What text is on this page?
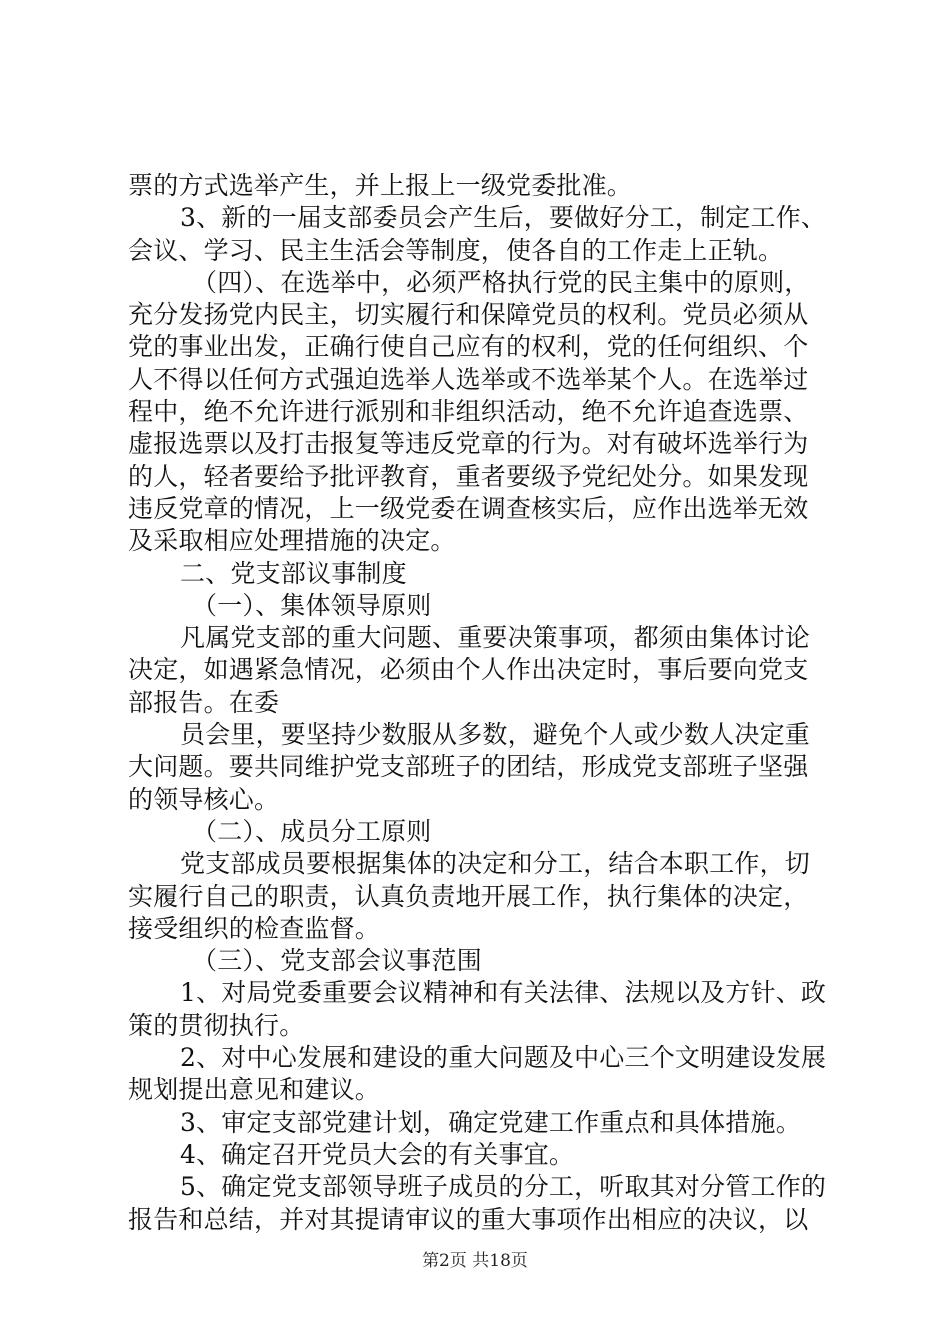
票的方式选举产生，并上报上一级党委批准。
3、新的一届支部委员会产生后，要做好分工，制定工作、
会议、学习、民主生活会等制度，使各自的工作走上正轨。
（四）、在选举中，必须严格执行党的民主集中的原则，
充分发扬党内民主，切实履行和保障党员的权利。党员必须从
党的事业出发，正确行使自己应有的权利，党的任何组织、个
人不得以任何方式强迫选举人选举或不选举某个人。在选举过
程中，绝不允许进行派别和非组织活动，绝不允许追查选票、
虚报选票以及打击报复等违反党章的行为。对有破坏选举行为
的人，轻者要给予批评教育，重者要级予党纪处分。如果发现
违反党章的情况，上一级党委在调查核实后，应作出选举无效
及采取相应处理措施的决定。
二、党支部议事制度
（一）、集体领导原则
凡属党支部的重大问题、重要决策事项，都须由集体讨论
决定，如遇紧急情况，必须由个人作出决定时，事后要向党支
部报告。在委
员会里，要坚持少数服从多数，避免个人或少数人决定重
大问题。要共同维护党支部班子的团结，形成党支部班子坚强
的领导核心。
（二）、成员分工原则
党支部成员要根据集体的决定和分工，结合本职工作，切
实履行自己的职责，认真负责地开展工作，执行集体的决定，
接受组织的检查监督。
（三）、党支部会议事范围
1、对局党委重要会议精神和有关法律、法规以及方针、政
策的贯彻执行。
2、对中心发展和建设的重大问题及中心三个文明建设发展
规划提出意见和建议。
3、审定支部党建计划，确定党建工作重点和具体措施。
4、确定召开党员大会的有关事宜。
5、确定党支部领导班子成员的分工，听取其对分管工作的
报告和总结，并对其提请审议的重大事项作出相应的决议，以
第2页 共18页
